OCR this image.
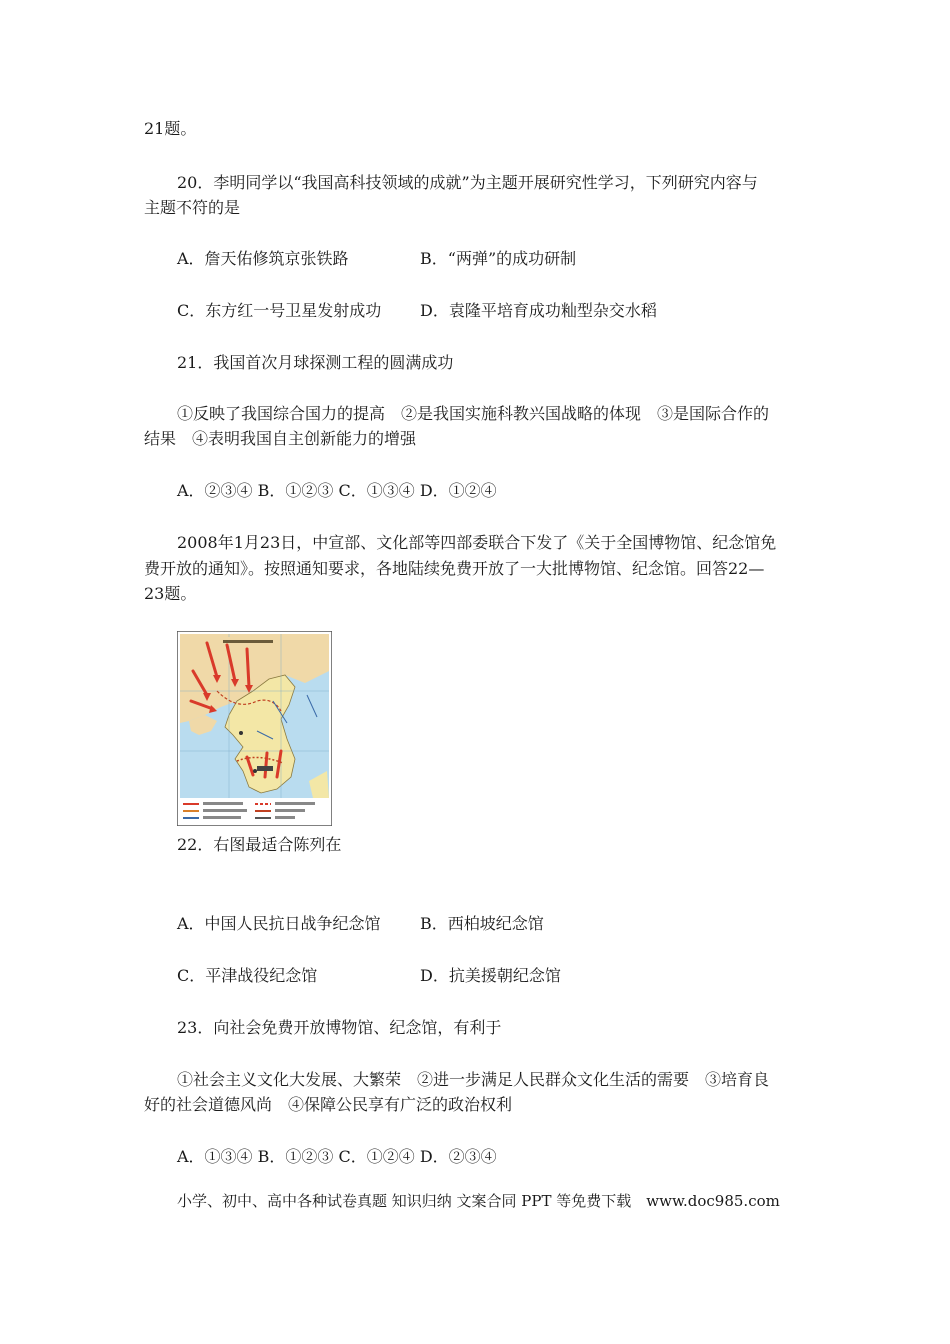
21题。
20．李明同学以“我国高科技领域的成就”为主题开展研究性学习，下列研究内容与
主题不符的是
A．詹天佑修筑京张铁路	B．“两弹”的成功研制
C．东方红一号卫星发射成功 D．袁隆平培育成功籼型杂交水稻
21．我国首次月球探测工程的圆满成功
①反映了我国综合国力的提高　②是我国实施科教兴国战略的体现　③是国际合作的
结果　④表明我国自主创新能力的增强
A．②③④ B．①②③ C．①③④ D．①②④
2008年1月23日，中宣部、文化部等四部委联合下发了《关于全国博物馆、纪念馆免
费开放的通知》。按照通知要求，各地陆续免费开放了一大批博物馆、纪念馆。回答22—
23题。
22．右图最适合陈列在
A．中国人民抗日战争纪念馆 B．西柏坡纪念馆
C．平津战役纪念馆	D．抗美援朝纪念馆
23．向社会免费开放博物馆、纪念馆，有利于
①社会主义文化大发展、大繁荣　②进一步满足人民群众文化生活的需要　③培育良
好的社会道德风尚　④保障公民享有广泛的政治权利
A．①③④ B．①②③ C．①②④ D．②③④
小学、初中、高中各种试卷真题 知识归纳 文案合同 PPT 等免费下载　www.doc985.com
